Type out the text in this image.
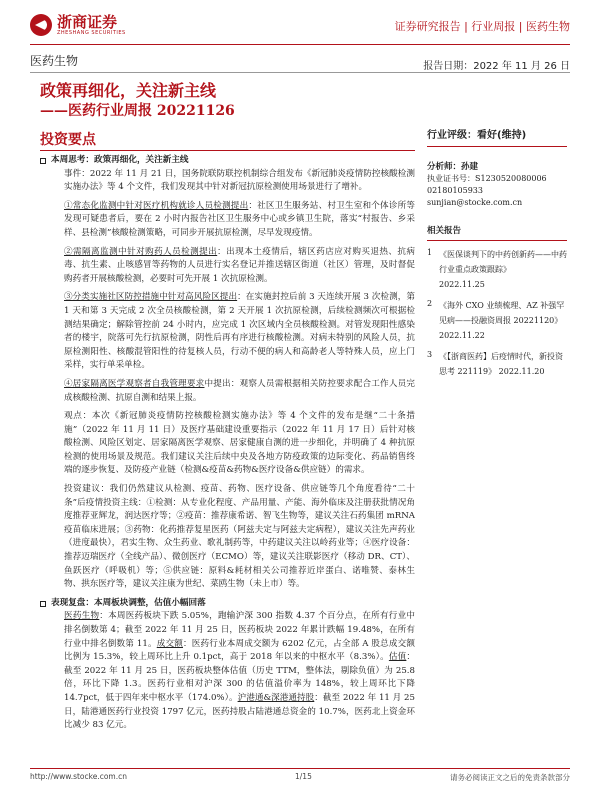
浙商证券
ZHESHANG SECURITIES	证券研究报告 | 行业周报 | 医药生物
医药生物	报告日期：2022 年 11 月 26 日
政策再细化，关注新主线
——医药行业周报 20221126
投资要点
本周思考：政策再细化，关注新主线

事件：2022 年 11 月 21 日，国务院联防联控机制综合组发布《新冠肺炎疫情防控核酸检测实施办法》等 4 个文件，我们发现其中针对新冠抗原检测使用场景进行了增补。

①常态化监测中针对医疗机构就诊人员检测提出：社区卫生服务站、村卫生室和个体诊所等发现可疑患者后，要在 2 小时内报告社区卫生服务中心或乡镇卫生院，落实“村报告、乡采样、县检测”核酸检测策略，可同步开展抗原检测，尽早发现疫情。

②需隔离监测中针对购药人员检测提出：出现本土疫情后，辖区药店应对购买退热、抗病毒、抗生素、止咳感冒等药物的人员进行实名登记并推送辖区街道（社区）管理，及时督促购药者开展核酸检测，必要时可先开展 1 次抗原检测。

③分类实施社区防控措施中针对高风险区提出：在实施封控后前 3 天连续开展 3 次检测，第 1 天和第 3 天完成 2 次全员核酸检测，第 2 天开展 1 次抗原检测，后续检测频次可根据检测结果确定；解除管控前 24 小时内，应完成 1 次区域内全员核酸检测。对管发现阳性感染者的楼宇，院落可先行抗原检测，阴性后再有序进行核酸检测。对病未特别的风险人员，抗原检测阳性、核酸混管阳性的待复核人员，行动不便的病人和高龄老人等特殊人员，应上门采样，实行单采单检。

④居家隔离医学观察者自我管理要求中提出：观察人员需根据相关防控要求配合工作人员完成核酸检测、抗原自测和结果上报。

观点：本次《新冠肺炎疫情防控核酸检测实施办法》等 4 个文件的发布是继“二十条措施”（2022 年 11 月 11 日）及医疗基础建设重要指示（2022 年 11 月 17 日）后针对核酸检测、风险区划定、居家隔离医学观察、居家健康自测的进一步细化，并明确了 4 种抗原检测的使用场景及规范。我们建议关注后续中央及各地方防疫政策的边际变化、药品销售终端的逐步恢复、及防疫产业链（检测&疫苗&药物&医疗设备&供应链）的需求。

投资建议：我们仍然建议从检测、疫苗、药物、医疗设备、供应链等几个角度看待“二十条”后疫情投资主线：①检测：从专业化程度、产品用量、产能、海外临床及注册获批情况角度推荐亚辉龙，润达医疗等；②疫苗：推荐康希诺、智飞生物等，建议关注石药集团 mRNA 疫苗临床进展；③药物：化药推荐复星医药（阿兹夫定与阿兹夫定病程），建议关注先声药业（进度最快），君实生物、众生药业、歌礼制药等，中药建议关注以岭药业等；④医疗设备：推荐迈瑞医疗（全线产品）、微创医疗（ECMO）等，建议关注联影医疗（移动 DR、CT）、鱼跃医疗（呼吸机）等；⑤供应链：原料&耗材相关公司推荐近岸蛋白、诺唯赞、泰林生物、拱东医疗等，建议关注康为世纪、菜鸥生物（未上市）等。

表现复盘：本周板块调整，估值小幅回落

医药生物：本周医药板块下跌 5.05%，跑输沪深 300 指数 4.37 个百分点，在所有行业中排名倒数第 4；截至 2022 年 11 月 25 日，医药板块 2022 年累计跌幅 19.48%，在所有行业中排名倒数第 11。成交额：医药行业本周成交额为 6202 亿元，占全部 A 股总成交额比例为 15.3%，较上周环比上升 0.1pct，高于 2018 年以来的中枢水平（8.3%）。估值：截至 2022 年 11 月 25 日，医药板块整体估值（历史 TTM，整体法，剔除负值）为 25.8 倍，环比下降 1.3。医药行业相对沪深 300 的估值溢价率为 148%，较上周环比下降 14.7pct，低于四年来中枢水平（174.0%）。沪港通&深港通持股：截至 2022 年 11 月 25 日，陆港通医药行业投资 1797 亿元，医药持股占陆港通总资金的 10.7%，医药北上资金环比减少 83 亿元。

行业评级：看好(维持)
分析师：孙建
执业证书号：S1230520080006
02180105933
sunjian@stocke.com.cn
相关报告
1 《医保谈判下的中药创新药——中药行业重点政策跟踪》
2022.11.25
2 《海外 CXO 业绩梳理、AZ 补强罕见病——投融资周报 20221120》 2022.11.22
3 《【浙商医药】后疫情时代，新投资思考 221119》 2022.11.20
http://www.stocke.com.cn	1/15	请务必阅读正文之后的免责条款部分
